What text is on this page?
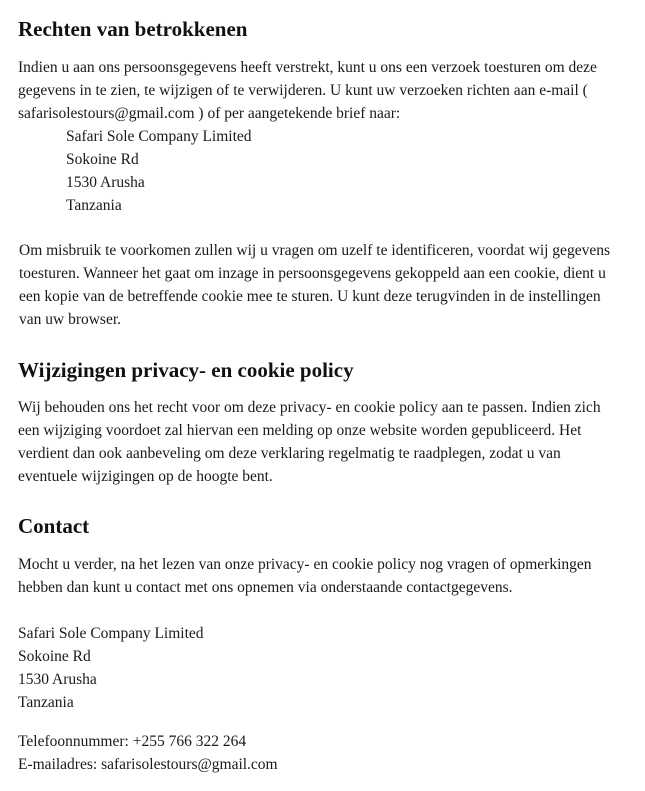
Rechten van betrokkenen

Indien u aan ons persoonsgegevens heeft verstrekt, kunt u ons een verzoek toesturen om deze
gegevens in te zien, te wijzigen of te verwijderen. U kunt uw verzoeken richten aan e-mail (
safarisolestours@gmail.com ) of per aangetekende brief naar:

Safari Sole Company Limited
Sokoine Rd
1530 Arusha
Tanzania

Om misbruik te voorkomen zullen wij u vragen om uzelf te identificeren, voordat wij gegevens
toesturen. Wanneer het gaat om inzage in persoonsgegevens gekoppeld aan een cookie, dient u
een kopie van de betreffende cookie mee te sturen. U kunt deze terugvinden in de instellingen
van uw browser.

Wijzigingen privacy- en cookie policy

Wij behouden ons het recht voor om deze privacy- en cookie policy aan te passen. Indien zich
een wijziging voordoet zal hiervan een melding op onze website worden gepubliceerd. Het
verdient dan ook aanbeveling om deze verklaring regelmatig te raadplegen, zodat u van
eventuele wijzigingen op de hoogte bent.

Contact

Mocht u verder, na het lezen van onze privacy- en cookie policy nog vragen of opmerkingen
hebben dan kunt u contact met ons opnemen via onderstaande contactgegevens.

Safari Sole Company Limited
Sokoine Rd
1530 Arusha
Tanzania
Telefoonnummer: +255 766 322 264
E-mailadres: safarisolestours@gmail.com
